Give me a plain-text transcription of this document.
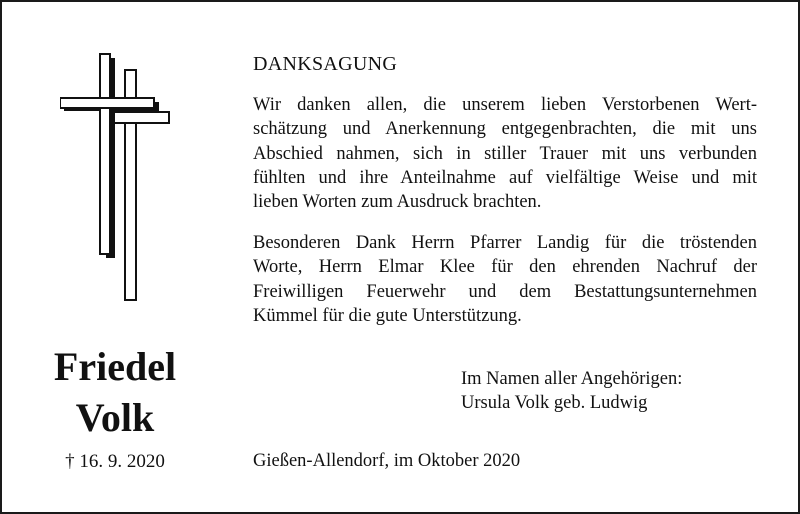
Friedel
Volk
† 16. 9. 2020
DANKSAGUNG
Wir danken allen, die unserem lieben Verstorbenen Wert-
schätzung und Anerkennung entgegenbrachten, die mit uns
Abschied nahmen, sich in stiller Trauer mit uns verbunden
fühlten und ihre Anteilnahme auf vielfältige Weise und mit
lieben Worten zum Ausdruck brachten.
Besonderen Dank Herrn Pfarrer Landig für die tröstenden
Worte, Herrn Elmar Klee für den ehrenden Nachruf der
Freiwilligen Feuerwehr und dem Bestattungsunternehmen
Kümmel für die gute Unterstützung.
Im Namen aller Angehörigen:
Ursula Volk geb. Ludwig
Gießen-Allendorf, im Oktober 2020
